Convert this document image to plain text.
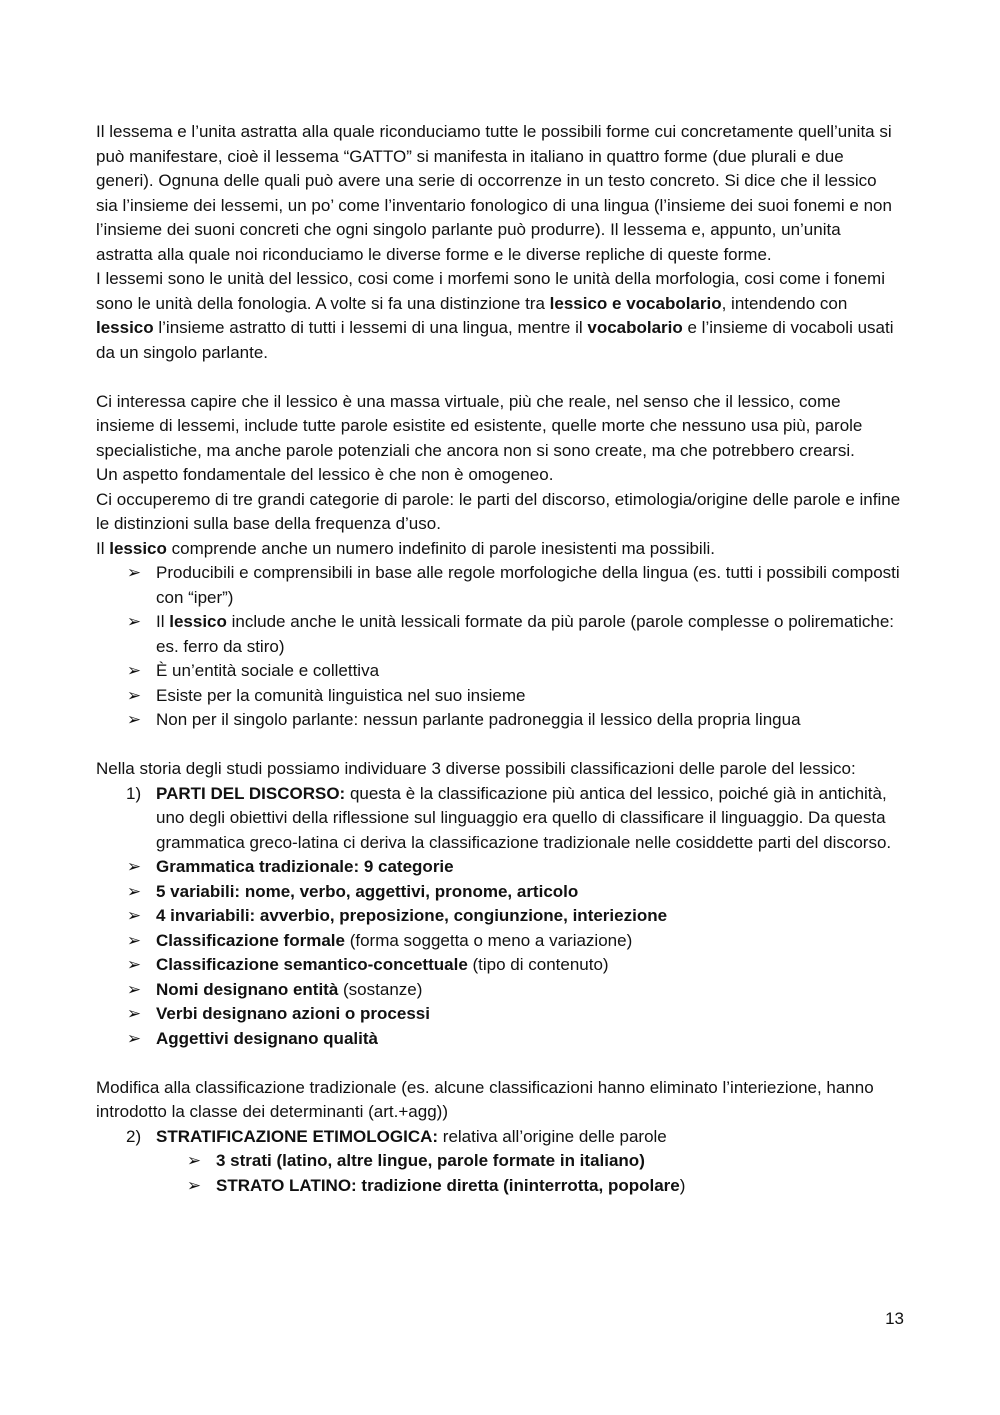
Il lessema e l’unita astratta alla quale riconduciamo tutte le possibili forme cui concretamente quell’unita si può manifestare, cioè il lessema “GATTO” si manifesta in italiano in quattro forme (due plurali e due generi). Ognuna delle quali può avere una serie di occorrenze in un testo concreto. Si dice che il lessico sia l’insieme dei lessemi, un po’ come l’inventario fonologico di una lingua (l’insieme dei suoi fonemi e non l’insieme dei suoni concreti che ogni singolo parlante può produrre). Il lessema e, appunto, un’unita astratta alla quale noi riconduciamo le diverse forme e le diverse repliche di queste forme.

I lessemi sono le unità del lessico, cosi come i morfemi sono le unità della morfologia, cosi come i fonemi sono le unità della fonologia. A volte si fa una distinzione tra lessico e vocabolario, intendendo con lessico l’insieme astratto di tutti i lessemi di una lingua, mentre il vocabolario e l’insieme di vocaboli usati da un singolo parlante.

Ci interessa capire che il lessico è una massa virtuale, più che reale, nel senso che il lessico, come insieme di lessemi, include tutte parole esistite ed esistente, quelle morte che nessuno usa più, parole specialistiche, ma anche parole potenziali che ancora non si sono create, ma che potrebbero crearsi.

Un aspetto fondamentale del lessico è che non è omogeneo.

Ci occuperemo di tre grandi categorie di parole: le parti del discorso, etimologia/origine delle parole e infine le distinzioni sulla base della frequenza d’uso.

Il lessico comprende anche un numero indefinito di parole inesistenti ma possibili.

➢ Producibili e comprensibili in base alle regole morfologiche della lingua (es. tutti i possibili composti con “iper”)
➢ Il lessico include anche le unità lessicali formate da più parole (parole complesse o polirematiche: es. ferro da stiro)
➢ È un’entità sociale e collettiva
➢ Esiste per la comunità linguistica nel suo insieme
➢ Non per il singolo parlante: nessun parlante padroneggia il lessico della propria lingua

Nella storia degli studi possiamo individuare 3 diverse possibili classificazioni delle parole del lessico:

1) PARTI DEL DISCORSO: questa è la classificazione più antica del lessico, poiché già in antichità, uno degli obiettivi della riflessione sul linguaggio era quello di classificare il linguaggio. Da questa grammatica greco-latina ci deriva la classificazione tradizionale nelle cosiddette parti del discorso.
➢ Grammatica tradizionale: 9 categorie
➢ 5 variabili: nome, verbo, aggettivi, pronome, articolo
➢ 4 invariabili: avverbio, preposizione, congiunzione, interiezione
➢ Classificazione formale (forma soggetta o meno a variazione)
➢ Classificazione semantico-concettuale (tipo di contenuto)
➢ Nomi designano entità (sostanze)
➢ Verbi designano azioni o processi
➢ Aggettivi designano qualità

Modifica alla classificazione tradizionale (es. alcune classificazioni hanno eliminato l’interiezione, hanno introdotto la classe dei determinanti (art.+agg))

2) STRATIFICAZIONE ETIMOLOGICA: relativa all’origine delle parole
➢ 3 strati (latino, altre lingue, parole formate in italiano)
➢ STRATO LATINO: tradizione diretta (ininterrotta, popolare)
13
